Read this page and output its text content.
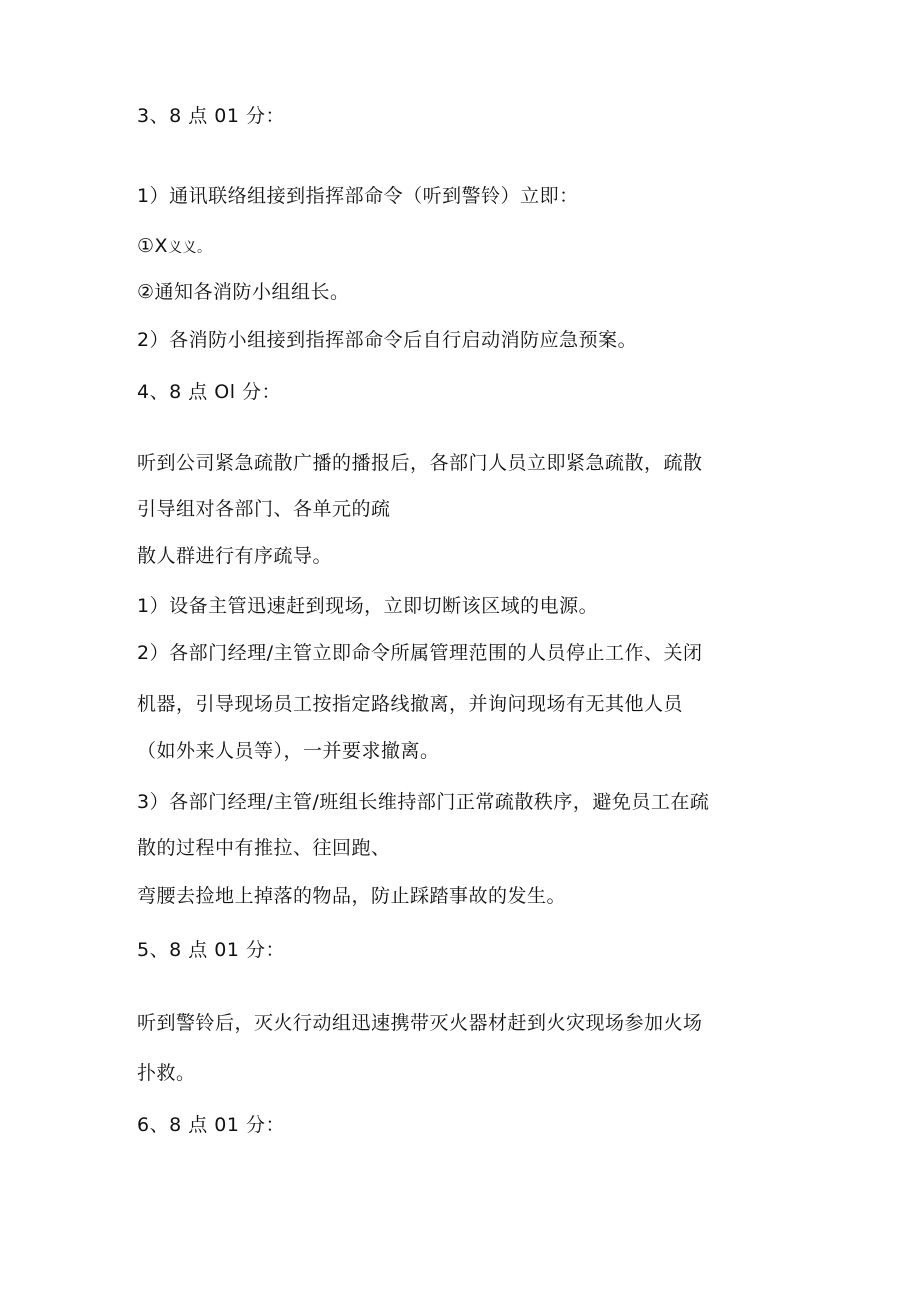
3、8 点 01 分：
1）通讯联络组接到指挥部命令（听到警铃）立即：
①X义义。
②通知各消防小组组长。
2）各消防小组接到指挥部命令后自行启动消防应急预案。
4、8 点 Ol 分：
听到公司紧急疏散广播的播报后，各部门人员立即紧急疏散，疏散
引导组对各部门、各单元的疏
散人群进行有序疏导。
1）设备主管迅速赶到现场，立即切断该区域的电源。
2）各部门经理/主管立即命令所属管理范围的人员停止工作、关闭
机器，引导现场员工按指定路线撤离，并询问现场有无其他人员
（如外来人员等），一并要求撤离。
3）各部门经理/主管/班组长维持部门正常疏散秩序，避免员工在疏
散的过程中有推拉、往回跑、
弯腰去捡地上掉落的物品，防止踩踏事故的发生。
5、8 点 01 分：
听到警铃后，灭火行动组迅速携带灭火器材赶到火灾现场参加火场
扑救。
6、8 点 01 分：
